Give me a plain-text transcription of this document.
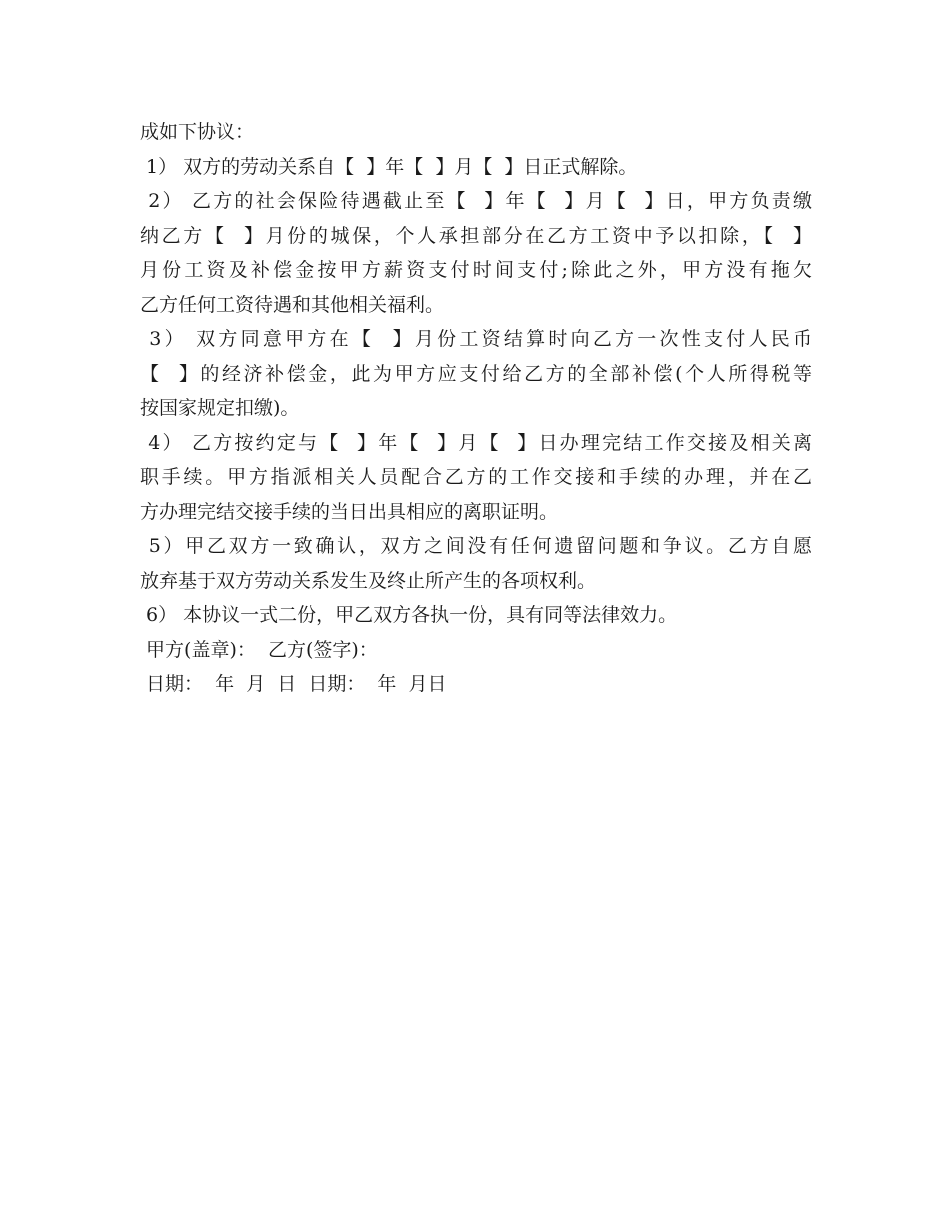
成如下协议：
1） 双方的劳动关系自【  】年【  】月【  】日正式解除。
2） 乙方的社会保险待遇截止至【  】年【  】月【  】日，甲方负责缴
纳乙方【  】月份的城保，个人承担部分在乙方工资中予以扣除，【  】
月份工资及补偿金按甲方薪资支付时间支付;除此之外，甲方没有拖欠
乙方任何工资待遇和其他相关福利。
3） 双方同意甲方在【  】月份工资结算时向乙方一次性支付人民币
【  】的经济补偿金，此为甲方应支付给乙方的全部补偿(个人所得税等
按国家规定扣缴)。
4） 乙方按约定与【  】年【  】月【  】日办理完结工作交接及相关离
职手续。甲方指派相关人员配合乙方的工作交接和手续的办理，并在乙
方办理完结交接手续的当日出具相应的离职证明。
5）甲乙双方一致确认，双方之间没有任何遗留问题和争议。乙方自愿
放弃基于双方劳动关系发生及终止所产生的各项权利。
6） 本协议一式二份，甲乙双方各执一份，具有同等法律效力。
甲方(盖章)：  乙方(签字)：
日期：  年  月  日  日期：  年  月日
